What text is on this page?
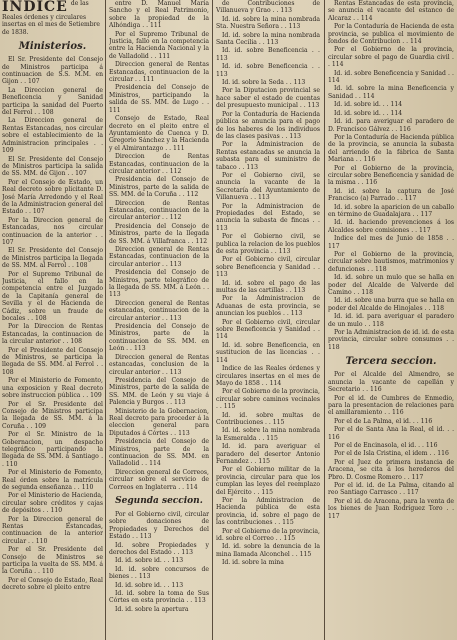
INDICE de las Reales órdenes y circulares insertas en el mes de Setiembre de 1838.
Ministerios.
El Sr. Presidente del Consejo de Ministros participa á continuacion de S.S. M.M. en Gijon . . 107
La Direccion general de Beneficencia y Sanidad participa la sanidad del Puerto del Ferrol . . 108
La Direccion general de Rentas Estancadas, nos circular sobre el establecimiento de la Administracion principales . . 109
El Sr. Presidente del Consejo de Ministros participa la salida de SS. MM. de Gijon . . 107
Por el Consejo de Estado, un Real decreto sobre plicitante D. José María Arredondo y el Real de la Administracion general del Estado . . 107
Por la Direccion general de Estancadas, nos circular continuacion de la anterior . . 107
El Sr. Presidente del Consejo de Ministros participa la llegada de SS. MM. al Ferrol . . 108
Por el Supremo Tribunal de Justicia, el fallo en la competencia entre el Juzgado de la Capitanía general de Sevilla y el de Hacienda de Cádiz, sobre un fraude de bocales . . 108
Por la Direccion de Rentas Estancadas, la continuacion de la circular anterior . . 108
Por el Presidente del Consejo de Ministros, se participa la llegada de SS. MM. al Ferrol . . 108
Por el Ministerio de Fomento, una exposicion y Real decreto sobre instruccion pública . . 109
Por el Sr. Presidente del Consejo de Ministros participa la llegada de SS. MM. á la Coruña . . 109
Por el Sr. Ministro de la Gobernacion, un despacho telegráfico participando la llegada de SS. MM. á Santiago . . 110
Por el Ministerio de Fomento, Real órden sobre la matrícula de segunda enseñanza . . 110
Por el Ministerio de Hacienda, circular sobre créditos y cajas de depósitos . . 110
Por la Direccion general de Rentas Estancadas, continuacion de la anterior circular . . 110
Por el Sr. Presidente del Consejo de Ministros se participa la vuelta de SS. MM. á la Coruña . . 110
Por el Consejo de Estado, Real decreto sobre el pleito entre
entre D. Manuel María Sancho y el Real Patrimonio, sobre la propiedad de la Alhóndiga . . 111
Por el Supremo Tribunal de Justicia, fallo en la competencia entre la Hacienda Nacional y la de Valladolid . . 111
Direccion general de Rentas Estancadas, continuacion de la circular . . 111
Presidencia del Consejo de Ministros, participando la salida de SS. MM. de Lugo . . 111
Consejo de Estado, Real decreto en el pleito entre el Ayuntamiento de Cuenca y D. Gregorio Sánchez y la Hacienda y el Almirantazgo . . 111
Direccion de Rentas Estancadas, continuacion de la circular anterior . . 112
Presidencia del Consejo de Ministros, parte de la salida de SS. MM. de la Coruña . . 112
Direccion de Rentas Estancadas, continuacion de la circular anterior . . 112
Presidencia del Consejo de Ministros, parte de la llegada de SS. MM. á Villafranca . . 112
Direccion general de Rentas Estancadas, continuacion de la circular anterior . . 113
Presidencia del Consejo de Ministros, parte telegráfico de la llegada de SS. MM. á León . . 113
Direccion general de Rentas estancadas, continuacion de la circular anterior . . 113
Presidencia del Consejo de Ministros, parte de la continuacion de SS. MM. en León . . 113
Direccion general de Rentas estancadas, conclusion de la circular anterior . . 113
Presidencia del Consejo de Ministros, parte de la salida de SS. MM. de León y su viaje á Palencia y Burgos . . 113
Ministerio de la Gobernacion, Real decreto para proceder á la eleccion general para Diputados á Córtes . . 113
Presidencia del Consejo de Ministros, parte de la continuacion de SS. MM. en Valladolid . . 114
Direccion general de Correos, circular sobre el servicio de Correos en Inglaterra . . 114
Segunda seccion.
Por el Gobierno civil, circular sobre donaciones de Propiedades y Derechos del Estado . . 113
Id. sobre Propiedades y derechos del Estado . . 113
Id. id. sobre id. . . 113
Id. id. sobre concursos de bienes . . 113
Id. id. sobre id. . . 113
Id. id. sobre la toma de Sus Córtes en esta provincia . . 113
Id. id. sobre la apertura
de Contribuciones de Villanueva y Grao . . 113
Id. id. sobre la mina nombrada Sta. Nuestra Señora . . 113
Id. id. sobre la mina nombrada Santa Cecilia . . 113
Id. id. sobre Beneficencia . . 113
Id. id. sobre Beneficencia . . 113
Id. id. sobre la Seda . . 113
Por la Diputacion provincial se hace saber el estado de cuentas del presupuesto municipal . . 113
Por la Contaduría de Hacienda pública se anuncia para el pago de los haberes de los individuos de las clases pasivas . . 113
Por la Administracion de Rentas estancadas se anuncia la subasta para el suministro de tabaco . . 113
Por el Gobierno civil, se anuncia la vacante de la Secretaría del Ayuntamiento de Villanueva . . 113
Por la Administracion de Propiedades del Estado, se anuncia la subasta de fincas . . 113
Por el Gobierno civil, se publica la relacion de los pueblos de esta provincia . . 113
Por el Gobierno civil, circular sobre Beneficencia y Sanidad . . 113
Id. id. sobre el pago de las multas de las cartillas . . 113
Por la Administracion de Aduanas de esta provincia, se anuncian los pueblos . . 113
Por el Gobierno civil, circular sobre Beneficencia y Sanidad . . 114
Id. id. sobre Beneficencia, en sustitucion de las licencias . . 114
Indice de las Reales órdenes y circulares insertas en el mes de Mayo de 1858 . . 114
Por el Gobierno de la provincia, circular sobre caminos vecinales . . 115
Id. id. sobre multas de Contribuciones . . 115
Id. id. sobre la mina nombrada la Esmeralda . . 115
Id. id. para averiguar el paradero del desertor Antonio Fernandez . . 115
Por el Gobierno militar de la provincia, circular para que los cumplan las leyes del reemplazo del Ejército . . 115
Por la Administracion de Hacienda pública de esta provincia, id. sobre el pago de las contribuciones . . 115
Por el Gobierno de la provincia, id. sobre el Correo . . 115
Id. id. sobre la denuncia de la mina llamada Alconchel . . 115
Id. id. sobre la mina
Rentas Estancadas de esta provincia, se anuncia el vacante del estanco de Alcaraz . . 114
Por la Contaduría de Hacienda de esta provincia, se publica el movimiento de fondos de Contribucion . . 114
Por el Gobierno de la provincia, circular sobre el pago de Guardia civil . . 114
Id. id. sobre Beneficencia y Sanidad . . 114
Id. id. sobre la mina Beneficencia y Sanidad . . 114
Id. id. sobre id. . . 114
Id. id. sobre id. . . 114
Id. id. para averiguar el paradero de D. Francisco Gálvez . . 116
Por la Contaduría de Hacienda pública de la provincia, se anuncia la subasta del arriendo de la fábrica de Santa Mariana . . 116
Por el Gobierno de la provincia, circular sobre Beneficencia y sanidad de la misma . . 116
Id. id. sobre la captura de José Francisco (a) Parrado . . 117
Id. id. sobre la aparicion de un caballo en término de Guadalajara . . 117
Id. id. haciendo prevenciones á los Alcaldes sobre comisiones . . 117
Indice del mes de Junio de 1858 . . 117
Por el Gobierno de la provincia, circular sobre bautismos, matrimonios y defunciones . . 118
Id. id. sobre un mulo que se halla en poder del Alcalde de Valverde del Camino . . 118
Id. id. sobre una burra que se halla en poder del Alcalde de Hinojales . . 118
Id. id. id. para averiguar el paradero de un mulo . . 118
Por la Administracion de id. id. de esta provincia, circular sobre consumos . . 118
Tercera seccion.
Por el Alcalde del Almendro, se anuncia la vacante de capellán y Secretario . . 116
Por el id. de Cumbres de Enmedio, para la presentacion de relaciones para el amillaramiento . . 116
Por el de La Palma, el id. . . 116
Por el de Santa Ana la Real, el id. . . 116
Por el de Encinasola, el id. . . 116
Por el de Isla Cristina, el idem . . 116
Por el Juez de primera instancia de Aracena, se cita á los herederos del Pbro. D. Cosme Romero . . 117
Por el id. id. de La Palma, citando al reo Santiago Carrasco . . 117
Por el id. de Aracena, para la venta de los bienes de Juan Rodríguez Toro . . 117
